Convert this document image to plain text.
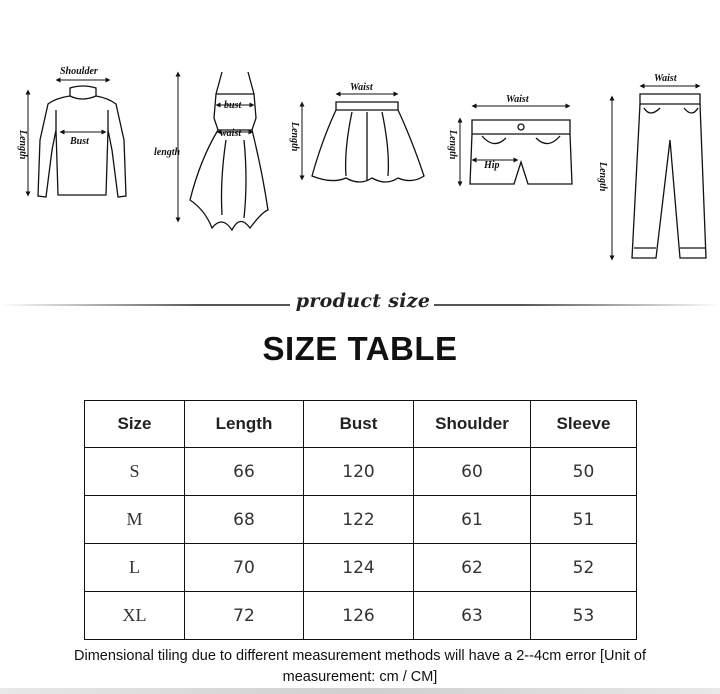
Shoulder
Bust
Length
bust
waist
length
Waist
Length
Waist
Hip
Length
Waist
Length
product size
SIZE TABLE
Size	Length	Bust	Shoulder	Sleeve
S	66	120	60	50
M	68	122	61	51
L	70	124	62	52
XL	72	126	63	53
Dimensional tiling due to different measurement methods will have a 2--4cm error [Unit of measurement: cm / CM]
